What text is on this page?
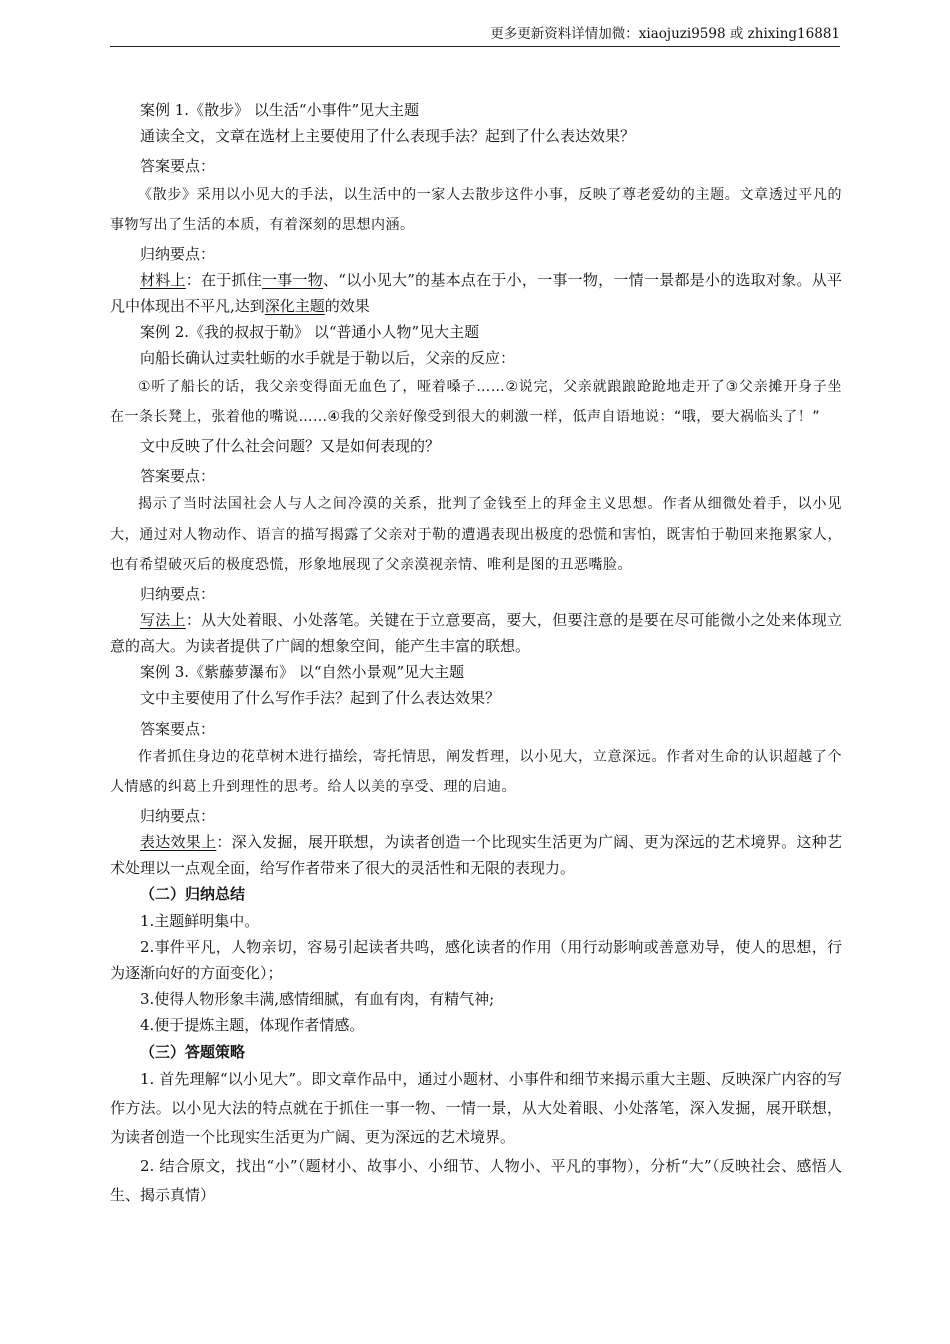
更多更新资料详情加微：xiaojuzi9598 或 zhixing16881

案例 1.《散步》 以生活“小事件”见大主题

通读全文，文章在选材上主要使用了什么表现手法？起到了什么表达效果？

答案要点：

《散步》采用以小见大的手法，以生活中的一家人去散步这件小事，反映了尊老爱幼的主题。文章透过平凡的事物写出了生活的本质，有着深刻的思想内涵。

归纳要点：

材料上：在于抓住一事一物、“以小见大”的基本点在于小，一事一物，一情一景都是小的选取对象。从平凡中体现出不平凡,达到深化主题的效果

案例 2.《我的叔叔于勒》 以“普通小人物”见大主题

向船长确认过卖牡蛎的水手就是于勒以后，父亲的反应：

①听了船长的话，我父亲变得面无血色了，哑着嗓子……②说完，父亲就踉踉跄跄地走开了③父亲摊开身子坐在一条长凳上，张着他的嘴说……④我的父亲好像受到很大的刺激一样，低声自语地说：“哦，要大祸临头了！”

文中反映了什么社会问题？又是如何表现的？

答案要点：

揭示了当时法国社会人与人之间冷漠的关系，批判了金钱至上的拜金主义思想。作者从细微处着手，以小见大，通过对人物动作、语言的描写揭露了父亲对于勒的遭遇表现出极度的恐慌和害怕，既害怕于勒回来拖累家人，也有希望破灭后的极度恐慌，形象地展现了父亲漠视亲情、唯利是图的丑恶嘴脸。

归纳要点：

写法上：从大处着眼、小处落笔。关键在于立意要高，要大，但要注意的是要在尽可能微小之处来体现立意的高大。为读者提供了广阔的想象空间，能产生丰富的联想。

案例 3.《紫藤萝瀑布》 以“自然小景观”见大主题

文中主要使用了什么写作手法？起到了什么表达效果？

答案要点：

作者抓住身边的花草树木进行描绘，寄托情思，阐发哲理，以小见大，立意深远。作者对生命的认识超越了个人情感的纠葛上升到理性的思考。给人以美的享受、理的启迪。

归纳要点：

表达效果上：深入发掘，展开联想，为读者创造一个比现实生活更为广阔、更为深远的艺术境界。这种艺术处理以一点观全面，给写作者带来了很大的灵活性和无限的表现力。

（二）归纳总结

1.主题鲜明集中。

2.事件平凡，人物亲切，容易引起读者共鸣，感化读者的作用（用行动影响或善意劝导，使人的思想，行为逐渐向好的方面变化）；

3.使得人物形象丰满,感情细腻，有血有肉，有精气神;

4.便于提炼主题，体现作者情感。

（三）答题策略

1. 首先理解“以小见大”。即文章作品中，通过小题材、小事件和细节来揭示重大主题、反映深广内容的写作方法。以小见大法的特点就在于抓住一事一物、一情一景，从大处着眼、小处落笔，深入发掘，展开联想，为读者创造一个比现实生活更为广阔、更为深远的艺术境界。

2. 结合原文，找出“小”（题材小、故事小、小细节、人物小、平凡的事物），分析“大”（反映社会、感悟人生、揭示真情）
